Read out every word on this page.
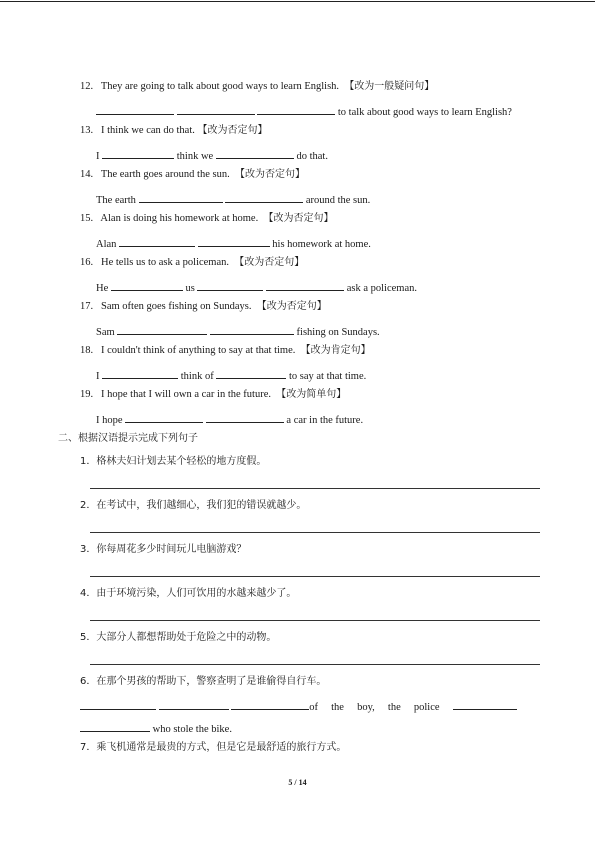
12. They are going to talk about good ways to learn English. 【改为一般疑问句】
to talk about good ways to learn English?
13. I think we can do that. 【改为否定句】
I	think we	do that.
14. The earth goes around the sun. 【改为否定句】
The earth	around the sun.
15. Alan is doing his homework at home. 【改为否定句】
Alan	his homework at home.
16. He tells us to ask a policeman. 【改为否定句】
He	us	ask a policeman.
17. Sam often goes fishing on Sundays. 【改为否定句】
Sam	fishing on Sundays.
18. I couldn't think of anything to say at that time. 【改为肯定句】
I	think of	to say at that time.
19. I hope that I will own a car in the future. 【改为简单句】
I hope	a car in the future.
二、根据汉语提示完成下列句子
1．格林夫妇计划去某个轻松的地方度假。
2．在考试中，我们越细心，我们犯的错误就越少。
3．你每周花多少时间玩儿电脑游戏？
4．由于环境污染，人们可饮用的水越来越少了。
5．大部分人都想帮助处于危险之中的动物。
6．在那个男孩的帮助下，警察查明了是谁偷得自行车。
of the boy, the police
who stole the bike.
7．乘飞机通常是最贵的方式，但是它是最舒适的旅行方式。
5 / 14
